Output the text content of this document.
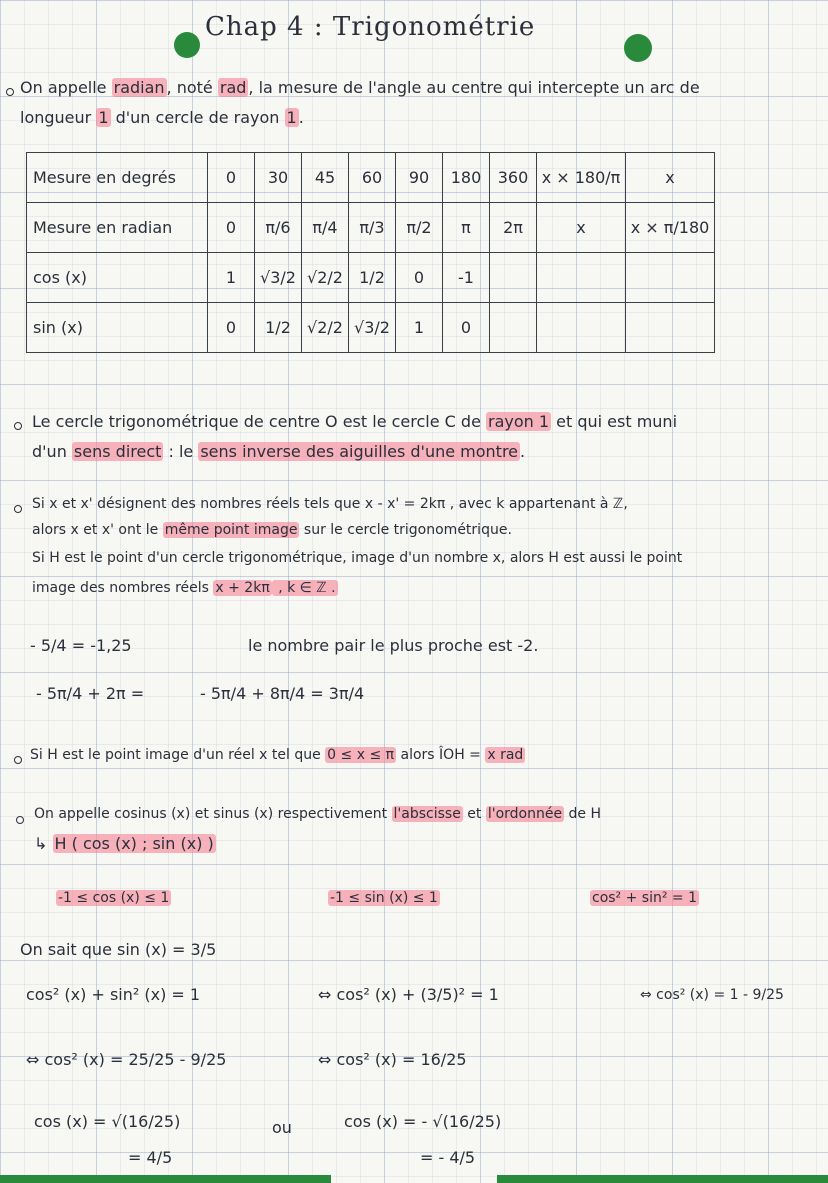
Chap 4 : Trigonométrie
On appelle radian , noté rad , la mesure de l'angle au centre qui intercepte un arc de
longueur 1 d'un cercle de rayon 1 .
Mesure en degrés	0	30	45	60	90	180	360	x × 180/π	x
Mesure en radian	0	π/6	π/4	π/3	π/2	π	2π	x	x × π/180
cos (x)	1	√3/2	√2/2	1/2	0	-1			
sin (x)	0	1/2	√2/2	√3/2	1	0			
Le cercle trigonométrique de centre O est le cercle C de rayon 1 et qui est muni
d'un sens direct : le sens inverse des aiguilles d'une montre .
Si x et x' désignent des nombres réels tels que x - x' = 2kπ , avec k appartenant à ℤ,
alors x et x' ont le même point image sur le cercle trigonométrique.
Si H est le point d'un cercle trigonométrique, image d'un nombre x, alors H est aussi le point
image des nombres réels x + 2kπ , k ∈ ℤ .
- 5/4 = -1,25	le nombre pair le plus proche est -2.
- 5π/4 + 2π =	- 5π/4 + 8π/4 = 3π/4
Si H est le point image d'un réel x tel que 0 ≤ x ≤ π alors ÎOH = x rad
On appelle cosinus (x) et sinus (x) respectivement l'abscisse et l'ordonnée de H
↳ H ( cos (x) ; sin (x) )
-1 ≤ cos (x) ≤ 1	-1 ≤ sin (x) ≤ 1	cos² + sin² = 1
On sait que sin (x) = 3/5
cos² (x) + sin² (x) = 1	⇔ cos² (x) + (3/5)² = 1	⇔ cos² (x) = 1 - 9/25
⇔ cos² (x) = 25/25 - 9/25	⇔ cos² (x) = 16/25
cos (x) = √(16/25)	ou	cos (x) = - √(16/25)
= 4/5	= - 4/5
